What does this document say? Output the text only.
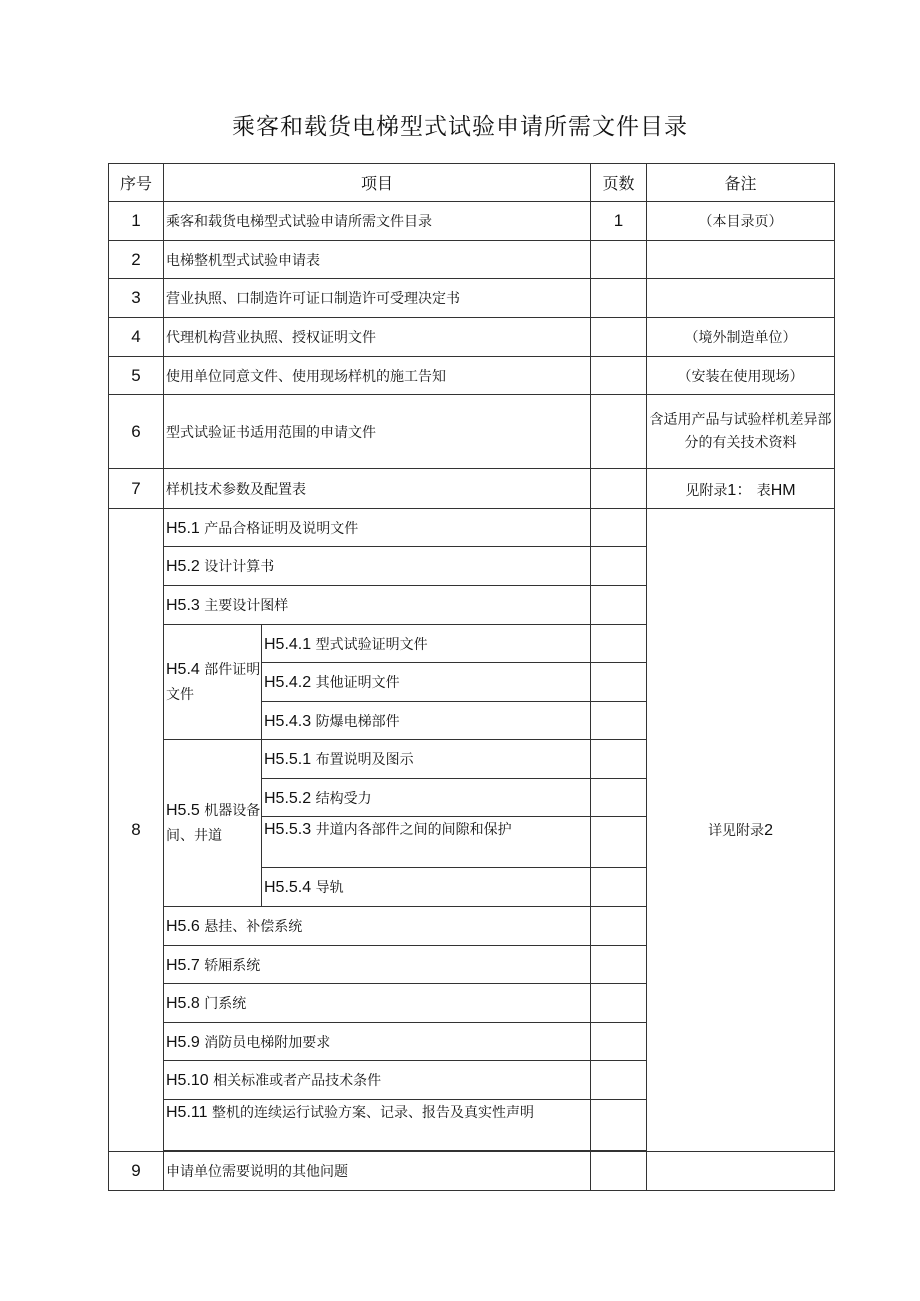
乘客和载货电梯型式试验申请所需文件目录
序号	项目		页数	备注
1	乘客和载货电梯型式试验申请所需文件目录		1	（本目录页）
2	电梯整机型式试验申请表			
3	营业执照、口制造许可证口制造许可受理决定书			
4	代理机构营业执照、授权证明文件			（境外制造单位）
5	使用单位同意文件、使用现场样机的施工告知			（安装在使用现场）
6	型式试验证书适用范围的申请文件			含适用产品与试验样机差异部分的有关技术资料
7	样机技术参数及配置表			见附录1： 表HM
8	H5.1 产品合格证明及说明文件			详见附录2
	H5.2 设计计算书			
	H5.3 主要设计图样			
	H5.4 部件证明文件	H5.4.1 型式试验证明文件		
		H5.4.2 其他证明文件		
		H5.4.3 防爆电梯部件		
	H5.5 机器设备间、井道	H5.5.1 布置说明及图示		
		H5.5.2 结构受力		
		H5.5.3 井道内各部件之间的间隙和保护		
		H5.5.4 导轨		
	H5.6 悬挂、补偿系统			
	H5.7 轿厢系统			
	H5.8 门系统			
	H5.9 消防员电梯附加要求			
	H5.10 相关标准或者产品技术条件			
	H5.11 整机的连续运行试验方案、记录、报告及真实性声明			

9	申请单位需要说明的其他问题			
